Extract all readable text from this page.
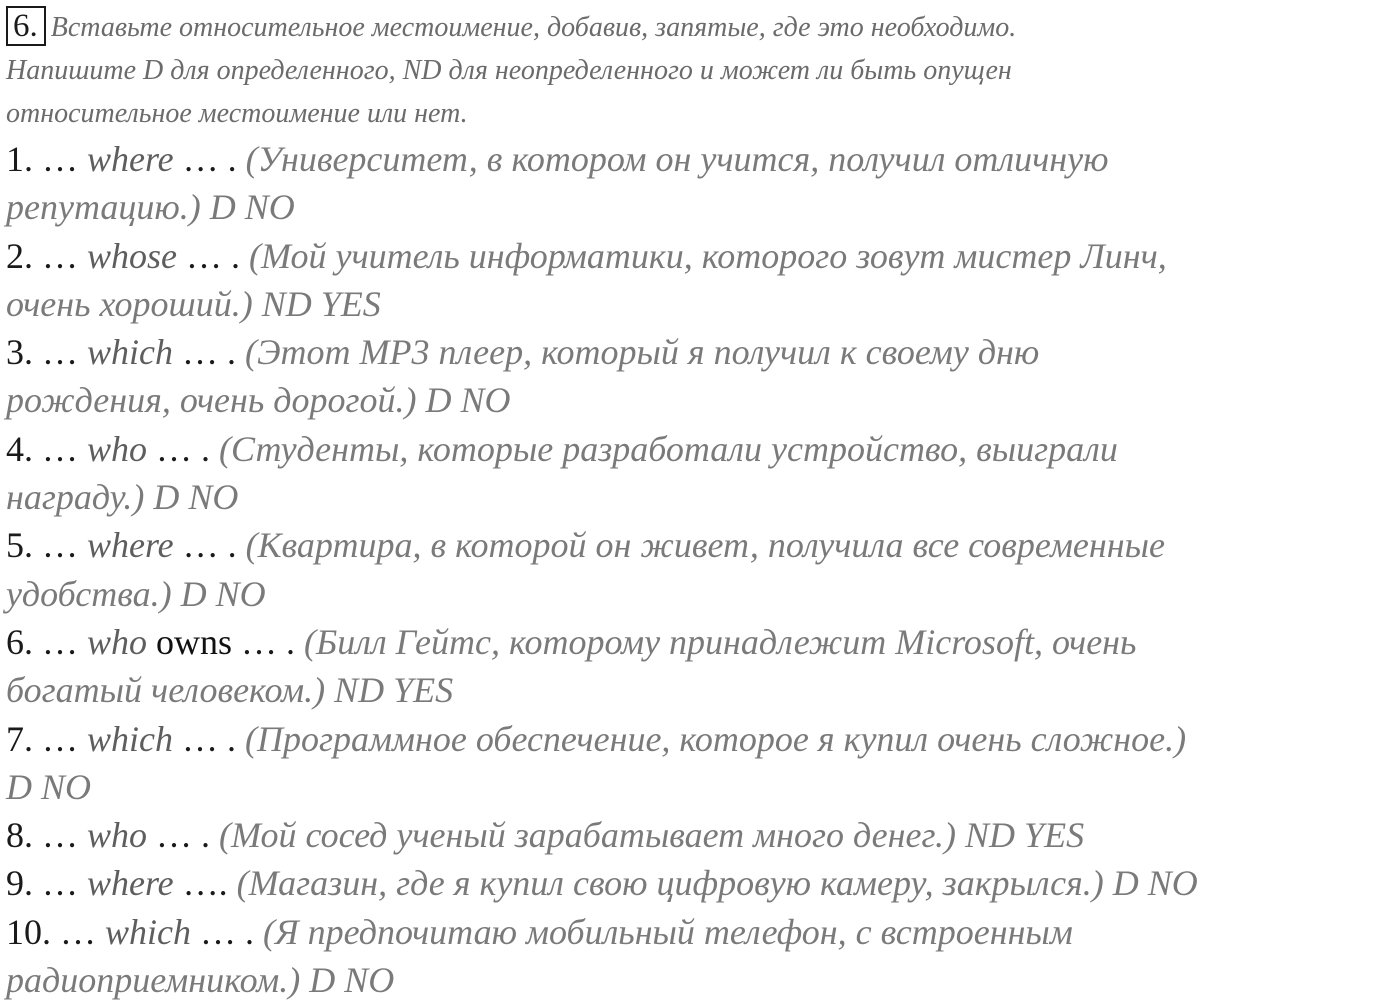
6. Вставьте относительное местоимение, добавив, запятые, где это необходимо.
Напишите D для определенного, ND для неопределенного и может ли быть опущен
относительное местоимение или нет.
1. … where … . (Университет, в котором он учится, получил отличную
репутацию.) D NO
2. … whose … . (Мой учитель информатики, которого зовут мистер Линч,
очень хороший.) ND YES
3. … which … . (Этот МР3 плеер, который я получил к своему дню
рождения, очень дорогой.) D NO
4. … who … . (Студенты, которые разработали устройство, выиграли
награду.) D NO
5. … where … . (Квартира, в которой он живет, получила все современные
удобства.) D NO
6. … who owns … . (Билл Гейтс, которому принадлежит Microsoft, очень
богатый человеком.) ND YES
7. … which … . (Программное обеспечение, которое я купил очень сложное.)
D NO
8. … who … . (Мой сосед ученый зарабатывает много денег.) ND YES
9. … where …. (Магазин, где я купил свою цифровую камеру, закрылся.) D NO
10. … which … . (Я предпочитаю мобильный телефон, с встроенным
радиоприемником.) D NO
